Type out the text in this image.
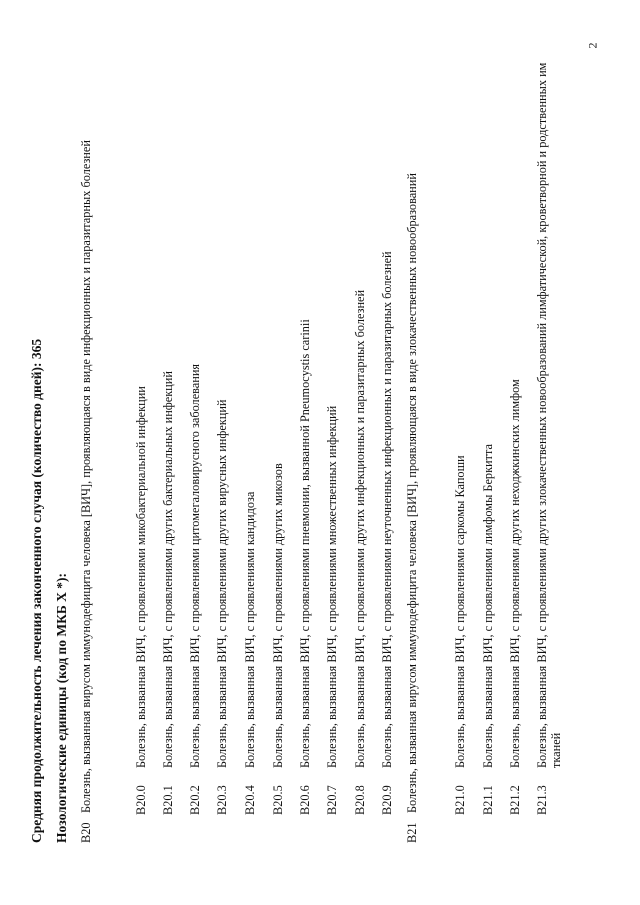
Средняя продолжительность лечения законченного случая (количество дней): 365 Нозологические единицы (код по МКБ X *): B20
Болезнь, вызванная вирусом иммунодефицита человека [ВИЧ], проявляющаяся в виде инфекционных и паразитарных болезней	B20.0
Болезнь, вызванная ВИЧ, с проявлениями микобактериальной инфекции
B20.1
Болезнь, вызванная ВИЧ, с проявлениями других бактериальных инфекций
B20.2
Болезнь, вызванная ВИЧ, с проявлениями цитомегаловирусного заболевания
B20.3
Болезнь, вызванная ВИЧ, с проявлениями других вирусных инфекций
B20.4
Болезнь, вызванная ВИЧ, с проявлениями кандидоза
B20.5
Болезнь, вызванная ВИЧ, с проявлениями других микозов
B20.6
Болезнь, вызванная ВИЧ, с проявлениями пневмонии, вызванной Pneumocystis carinii
B20.7
Болезнь, вызванная ВИЧ, с проявлениями множественных инфекций
B20.8
Болезнь, вызванная ВИЧ, с проявлениями других инфекционных и паразитарных болезней
B20.9
Болезнь, вызванная ВИЧ, с проявлениями неуточненных инфекционных и паразитарных болезней
B21
Болезнь, вызванная вирусом иммунодефицита человека [ВИЧ], проявляющаяся в виде злокачественных новообразований	B21.0
Болезнь, вызванная ВИЧ, с проявлениями саркомы Капоши
B21.1
Болезнь, вызванная ВИЧ, с проявлениями лимфомы Беркитта
B21.2
Болезнь, вызванная ВИЧ, с проявлениями других неходжкинских лимфом
B21.3
Болезнь, вызванная ВИЧ, с проявлениями других злокачественных новообразований лимфатической, кроветворной и родственных им тканей
2
